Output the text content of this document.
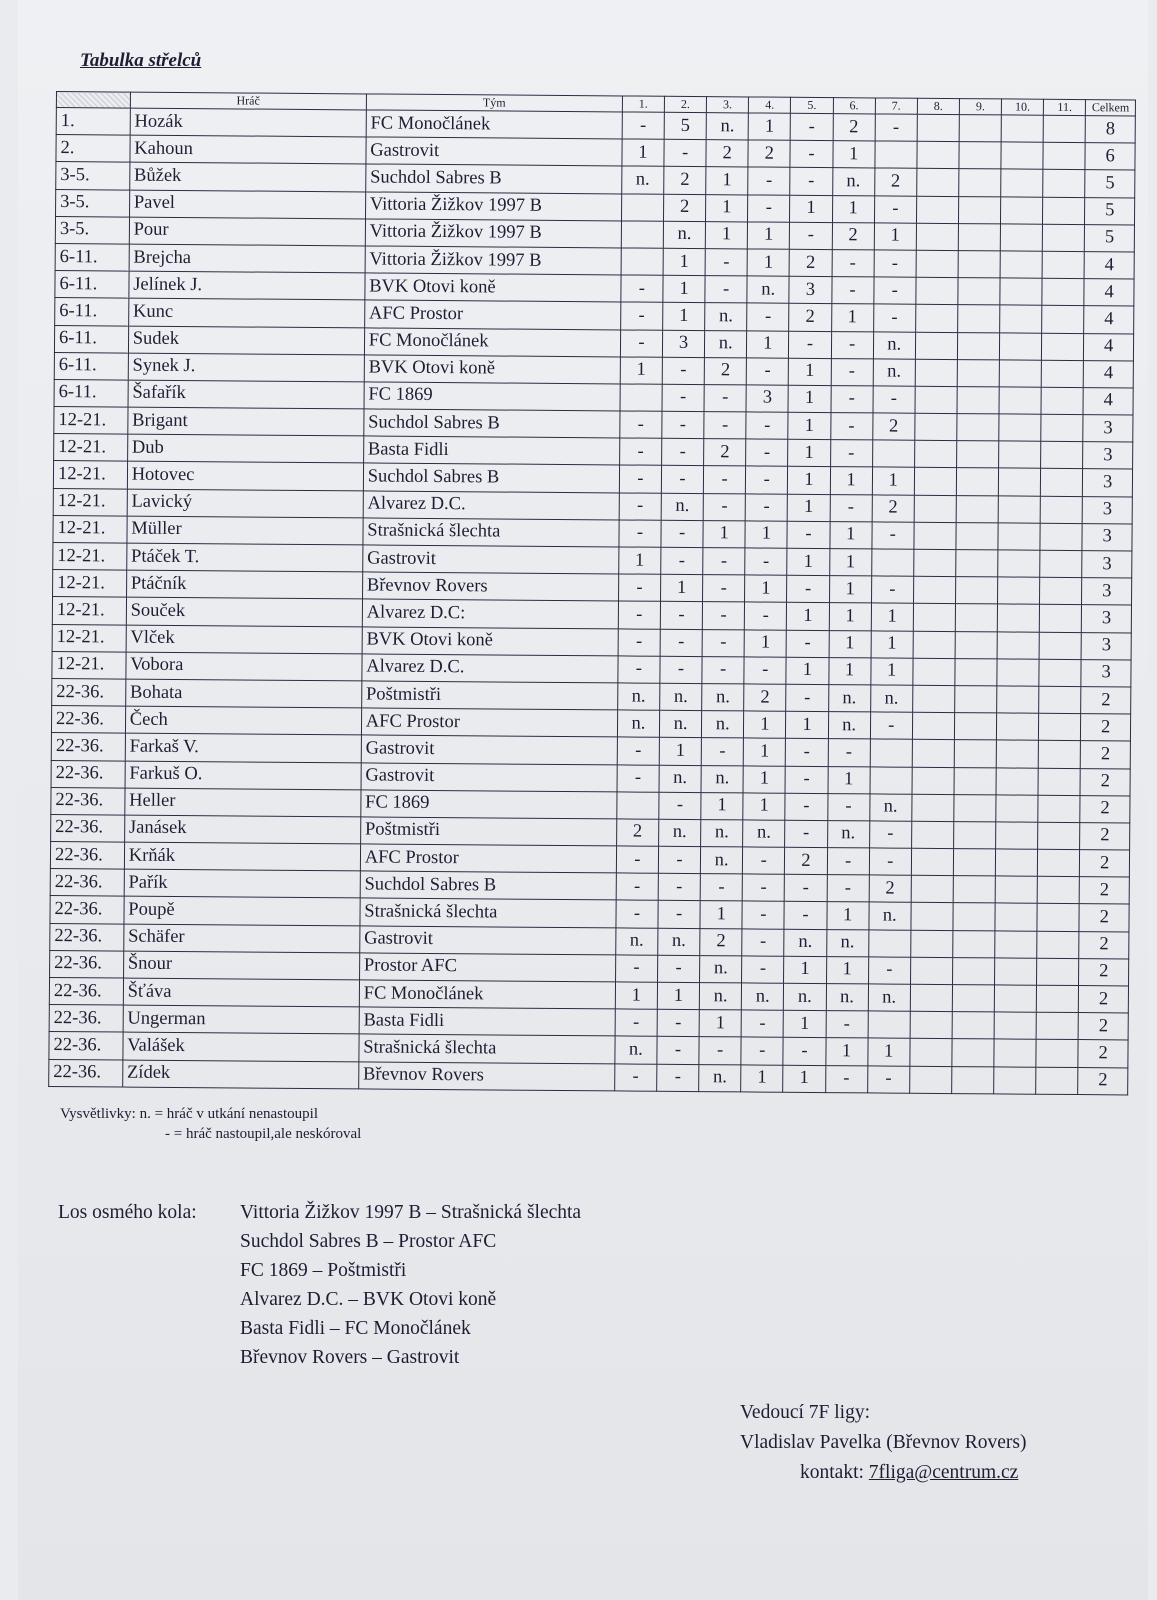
Tabulka střelců
	Hráč	Tým	1.	2.	3.	4.	5.	6.	7.	8.	9.	10.	11.	Celkem
1.	Hozák	FC Monočlánek	-	5	n.	1	-	2	-					8
2.	Kahoun	Gastrovit	1	-	2	2	-	1						6
3-5.	Bůžek	Suchdol Sabres B	n.	2	1	-	-	n.	2					5
3-5.	Pavel	Vittoria Žižkov 1997 B		2	1	-	1	1	-					5
3-5.	Pour	Vittoria Žižkov 1997 B		n.	1	1	-	2	1					5
6-11.	Brejcha	Vittoria Žižkov 1997 B		1	-	1	2	-	-					4
6-11.	Jelínek J.	BVK Otovi koně	-	1	-	n.	3	-	-					4
6-11.	Kunc	AFC Prostor	-	1	n.	-	2	1	-					4
6-11.	Sudek	FC Monočlánek	-	3	n.	1	-	-	n.					4
6-11.	Synek J.	BVK Otovi koně	1	-	2	-	1	-	n.					4
6-11.	Šafařík	FC 1869		-	-	3	1	-	-					4
12-21.	Brigant	Suchdol Sabres B	-	-	-	-	1	-	2					3
12-21.	Dub	Basta Fidli	-	-	2	-	1	-						3
12-21.	Hotovec	Suchdol Sabres B	-	-	-	-	1	1	1					3
12-21.	Lavický	Alvarez D.C.	-	n.	-	-	1	-	2					3
12-21.	Müller	Strašnická šlechta	-	-	1	1	-	1	-					3
12-21.	Ptáček T.	Gastrovit	1	-	-	-	1	1						3
12-21.	Ptáčník	Břevnov Rovers	-	1	-	1	-	1	-					3
12-21.	Souček	Alvarez D.C:	-	-	-	-	1	1	1					3
12-21.	Vlček	BVK Otovi koně	-	-	-	1	-	1	1					3
12-21.	Vobora	Alvarez D.C.	-	-	-	-	1	1	1					3
22-36.	Bohata	Poštmistři	n.	n.	n.	2	-	n.	n.					2
22-36.	Čech	AFC Prostor	n.	n.	n.	1	1	n.	-					2
22-36.	Farkaš V.	Gastrovit	-	1	-	1	-	-						2
22-36.	Farkuš O.	Gastrovit	-	n.	n.	1	-	1						2
22-36.	Heller	FC 1869		-	1	1	-	-	n.					2
22-36.	Janásek	Poštmistři	2	n.	n.	n.	-	n.	-					2
22-36.	Krňák	AFC Prostor	-	-	n.	-	2	-	-					2
22-36.	Pařík	Suchdol Sabres B	-	-	-	-	-	-	2					2
22-36.	Poupě	Strašnická šlechta	-	-	1	-	-	1	n.					2
22-36.	Schäfer	Gastrovit	n.	n.	2	-	n.	n.						2
22-36.	Šnour	Prostor AFC	-	-	n.	-	1	1	-					2
22-36.	Šťáva	FC Monočlánek	1	1	n.	n.	n.	n.	n.					2
22-36.	Ungerman	Basta Fidli	-	-	1	-	1	-						2
22-36.	Valášek	Strašnická šlechta	n.	-	-	-	-	1	1					2
22-36.	Zídek	Břevnov Rovers	-	-	n.	1	1	-	-					2
Vysvětlivky: n. = hráč v utkání nenastoupil
- = hráč nastoupil,ale neskóroval
Los osmého kola:	Vittoria Žižkov 1997 B – Strašnická šlechta
Suchdol Sabres B – Prostor AFC
FC 1869 – Poštmistři
Alvarez D.C. – BVK Otovi koně
Basta Fidli – FC Monočlánek
Břevnov Rovers – Gastrovit
Vedoucí 7F ligy:
Vladislav Pavelka (Břevnov Rovers)
kontakt: 7fliga@centrum.cz
